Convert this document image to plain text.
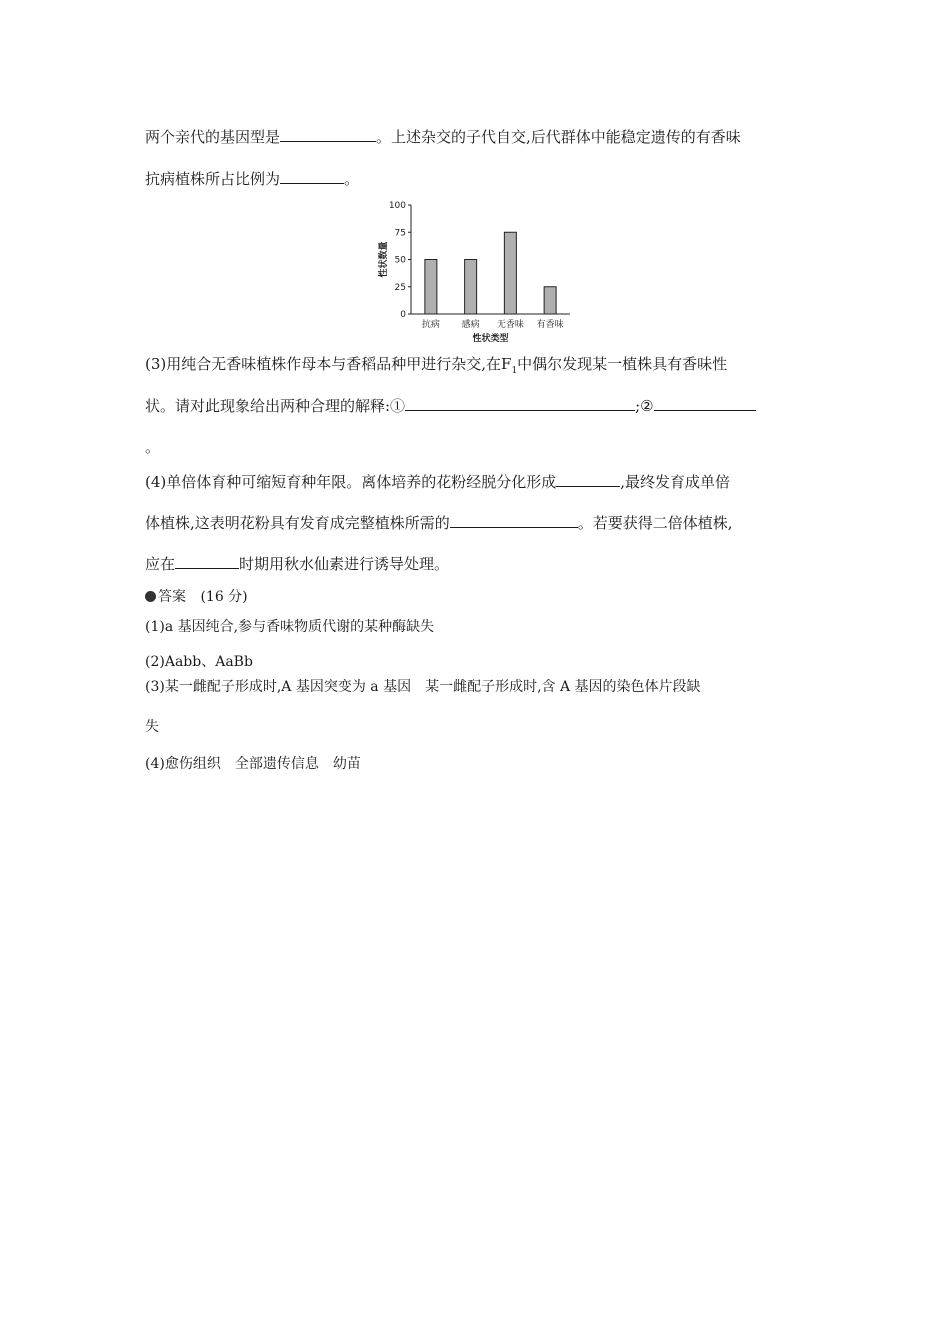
两个亲代的基因型是	。上述杂交的子代自交,后代群体中能稳定遗传的有香味
抗病植株所占比例为	。
0
25
50
75
100
抗病 感病 无香味 有香味
性状类型
性状数量
(3)用纯合无香味植株作母本与香稻品种甲进行杂交,在$F_1$中偶尔发现某一植株具有香味性
状。请对此现象给出两种合理的解释:①	;②
。
(4)单倍体育种可缩短育种年限。离体培养的花粉经脱分化形成	,最终发育成单倍
体植株,这表明花粉具有发育成完整植株所需的	。若要获得二倍体植株,
应在	时期用秋水仙素进行诱导处理。
答案 (16 分)
(1)a 基因纯合,参与香味物质代谢的某种酶缺失
(2)Aabb、AaBb
(3)某一雌配子形成时,A 基因突变为 a 基因　某一雌配子形成时,含 A 基因的染色体片段缺
失
(4)愈伤组织　全部遗传信息　幼苗
